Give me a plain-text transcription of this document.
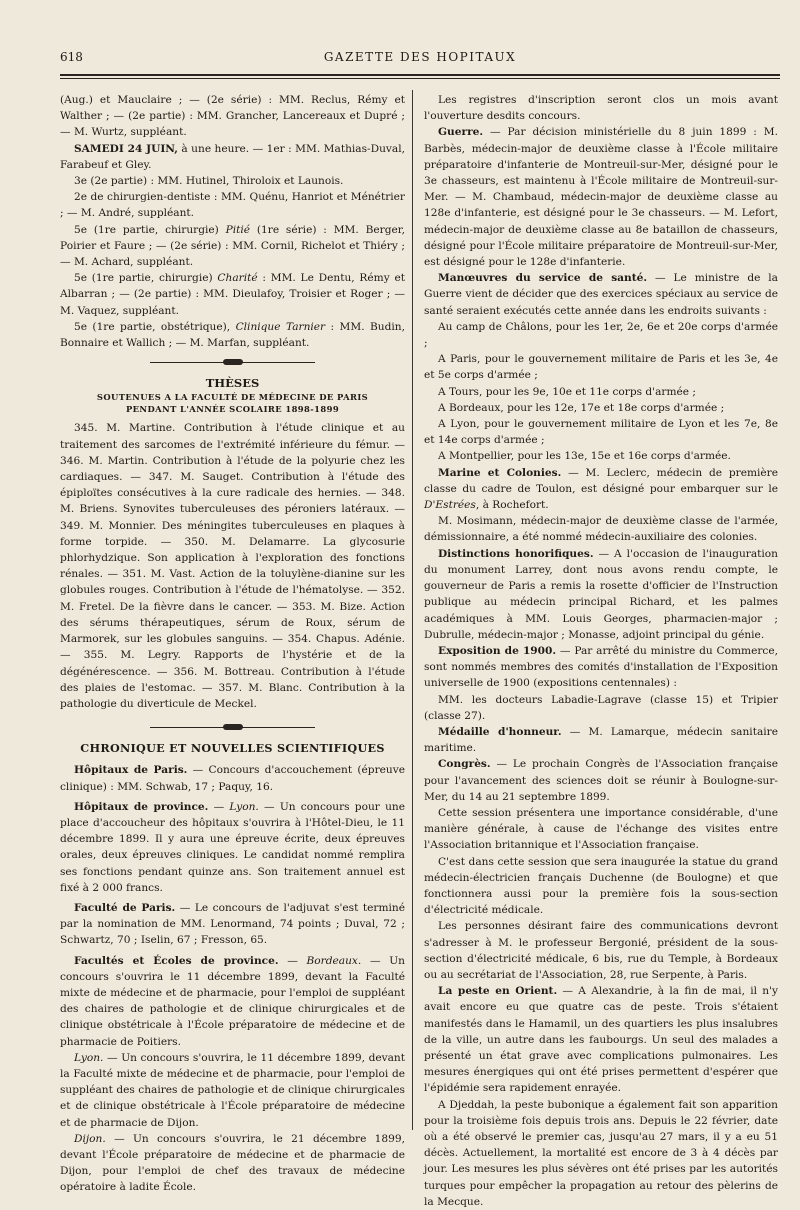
618	GAZETTE DES HOPITAUX

(Aug.) et Mauclaire ; — (2e série) : MM. Reclus, Rémy et Walther ; — (2e partie) : MM. Grancher, Lancereaux et Dupré ; — M. Wurtz, suppléant.

SAMEDI 24 JUIN, à une heure. — 1er : MM. Mathias-Duval, Farabeuf et Gley.

3e (2e partie) : MM. Hutinel, Thiroloix et Launois.

2e de chirurgien-dentiste : MM. Quénu, Hanriot et Ménétrier ; — M. André, suppléant.

5e (1re partie, chirurgie) Pitié (1re série) : MM. Berger, Poirier et Faure ; — (2e série) : MM. Cornil, Richelot et Thiéry ; — M. Achard, suppléant.

5e (1re partie, chirurgie) Charité : MM. Le Dentu, Rémy et Albarran ; — (2e partie) : MM. Dieulafoy, Troisier et Roger ; — M. Vaquez, suppléant.

5e (1re partie, obstétrique), Clinique Tarnier : MM. Budin, Bonnaire et Wallich ; — M. Marfan, suppléant.

THÈSES
SOUTENUES A LA FACULTÉ DE MÉDECINE DE PARIS
PENDANT L'ANNÉE SCOLAIRE 1898-1899

345. M. Martine. Contribution à l'étude clinique et au traitement des sarcomes de l'extrémité inférieure du fémur. — 346. M. Martin. Contribution à l'étude de la polyurie chez les cardiaques. — 347. M. Sauget. Contribution à l'étude des épiploïtes consécutives à la cure radicale des hernies. — 348. M. Briens. Synovites tuberculeuses des péroniers latéraux. — 349. M. Monnier. Des méningites tuberculeuses en plaques à forme torpide. — 350. M. Delamarre. La glycosurie phlorhydzique. Son application à l'exploration des fonctions rénales. — 351. M. Vast. Action de la toluylène-dianine sur les globules rouges. Contribution à l'étude de l'hématolyse. — 352. M. Fretel. De la fièvre dans le cancer. — 353. M. Bize. Action des sérums thérapeutiques, sérum de Roux, sérum de Marmorek, sur les globules sanguins. — 354. Chapus. Adénie. — 355. M. Legry. Rapports de l'hystérie et de la dégénérescence. — 356. M. Bottreau. Contribution à l'étude des plaies de l'estomac. — 357. M. Blanc. Contribution à la pathologie du diverticule de Meckel.

CHRONIQUE ET NOUVELLES SCIENTIFIQUES

Hôpitaux de Paris. — Concours d'accouchement (épreuve clinique) : MM. Schwab, 17 ; Paquy, 16.

Hôpitaux de province. — Lyon. — Un concours pour une place d'accoucheur des hôpitaux s'ouvrira à l'Hôtel-Dieu, le 11 décembre 1899. Il y aura une épreuve écrite, deux épreuves orales, deux épreuves cliniques. Le candidat nommé remplira ses fonctions pendant quinze ans. Son traitement annuel est fixé à 2 000 francs.

Faculté de Paris. — Le concours de l'adjuvat s'est terminé par la nomination de MM. Lenormand, 74 points ; Duval, 72 ; Schwartz, 70 ; Iselin, 67 ; Fresson, 65.

Facultés et Écoles de province. — Bordeaux. — Un concours s'ouvrira le 11 décembre 1899, devant la Faculté mixte de médecine et de pharmacie, pour l'emploi de suppléant des chaires de pathologie et de clinique chirurgicales et de clinique obstétricale à l'École préparatoire de médecine et de pharmacie de Poitiers.

Lyon. — Un concours s'ouvrira, le 11 décembre 1899, devant la Faculté mixte de médecine et de pharmacie, pour l'emploi de suppléant des chaires de pathologie et de clinique chirurgicales et de clinique obstétricale à l'École préparatoire de médecine et de pharmacie de Dijon.

Dijon. — Un concours s'ouvrira, le 21 décembre 1899, devant l'École préparatoire de médecine et de pharmacie de Dijon, pour l'emploi de chef des travaux de médecine opératoire à ladite École.

Les registres d'inscription seront clos un mois avant l'ouverture desdits concours.

Guerre. — Par décision ministérielle du 8 juin 1899 : M. Barbès, médecin-major de deuxième classe à l'École militaire préparatoire d'infanterie de Montreuil-sur-Mer, désigné pour le 3e chasseurs, est maintenu à l'École militaire de Montreuil-sur-Mer. — M. Chambaud, médecin-major de deuxième classe au 128e d'infanterie, est désigné pour le 3e chasseurs. — M. Lefort, médecin-major de deuxième classe au 8e bataillon de chasseurs, désigné pour l'École militaire préparatoire de Montreuil-sur-Mer, est désigné pour le 128e d'infanterie.

Manœuvres du service de santé. — Le ministre de la Guerre vient de décider que des exercices spéciaux au service de santé seraient exécutés cette année dans les endroits suivants :

Au camp de Châlons, pour les 1er, 2e, 6e et 20e corps d'armée ;

A Paris, pour le gouvernement militaire de Paris et les 3e, 4e et 5e corps d'armée ;

A Tours, pour les 9e, 10e et 11e corps d'armée ;

A Bordeaux, pour les 12e, 17e et 18e corps d'armée ;

A Lyon, pour le gouvernement militaire de Lyon et les 7e, 8e et 14e corps d'armée ;

A Montpellier, pour les 13e, 15e et 16e corps d'armée.

Marine et Colonies. — M. Leclerc, médecin de première classe du cadre de Toulon, est désigné pour embarquer sur le D'Estrées, à Rochefort.

M. Mosimann, médecin-major de deuxième classe de l'armée, démissionnaire, a été nommé médecin-auxiliaire des colonies.

Distinctions honorifiques. — A l'occasion de l'inauguration du monument Larrey, dont nous avons rendu compte, le gouverneur de Paris a remis la rosette d'officier de l'Instruction publique au médecin principal Richard, et les palmes académiques à MM. Louis Georges, pharmacien-major ; Dubrulle, médecin-major ; Monasse, adjoint principal du génie.

Exposition de 1900. — Par arrêté du ministre du Commerce, sont nommés membres des comités d'installation de l'Exposition universelle de 1900 (expositions centennales) :

MM. les docteurs Labadie-Lagrave (classe 15) et Tripier (classe 27).

Médaille d'honneur. — M. Lamarque, médecin sanitaire maritime.

Congrès. — Le prochain Congrès de l'Association française pour l'avancement des sciences doit se réunir à Boulogne-sur-Mer, du 14 au 21 septembre 1899.

Cette session présentera une importance considérable, d'une manière générale, à cause de l'échange des visites entre l'Association britannique et l'Association française.

C'est dans cette session que sera inaugurée la statue du grand médecin-électricien français Duchenne (de Boulogne) et que fonctionnera aussi pour la première fois la sous-section d'électricité médicale.

Les personnes désirant faire des communications devront s'adresser à M. le professeur Bergonié, président de la sous-section d'électricité médicale, 6 bis, rue du Temple, à Bordeaux ou au secrétariat de l'Association, 28, rue Serpente, à Paris.

La peste en Orient. — A Alexandrie, à la fin de mai, il n'y avait encore eu que quatre cas de peste. Trois s'étaient manifestés dans le Hamamil, un des quartiers les plus insalubres de la ville, un autre dans les faubourgs. Un seul des malades a présenté un état grave avec complications pulmonaires. Les mesures énergiques qui ont été prises permettent d'espérer que l'épidémie sera rapidement enrayée.

A Djeddah, la peste bubonique a également fait son apparition pour la troisième fois depuis trois ans. Depuis le 22 février, date où a été observé le premier cas, jusqu'au 27 mars, il y a eu 51 décès. Actuellement, la mortalité est encore de 3 à 4 décès par jour. Les mesures les plus sévères ont été prises par les autorités turques pour empêcher la propagation au retour des pèlerins de la Mecque.
